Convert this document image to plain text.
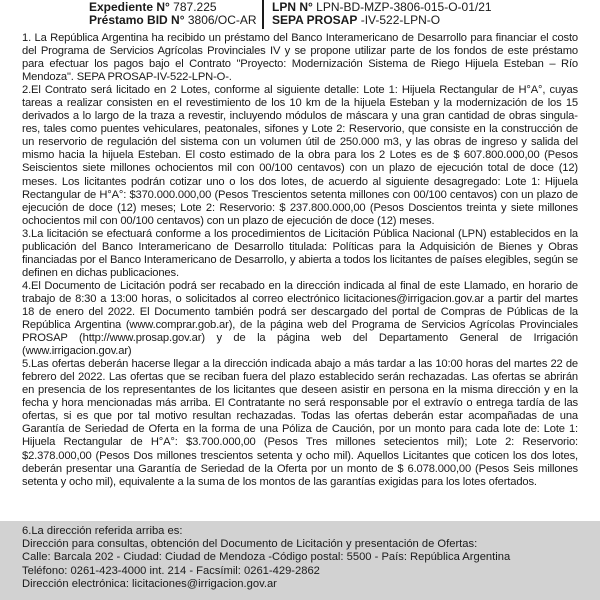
Expediente N° 787.225
Préstamo BID N° 3806/OC-AR
LPN N° LPN-BD-MZP-3806-015-O-01/21
SEPA PROSAP -IV-522-LPN-O

1. La República Argentina ha recibido un préstamo del Banco Interamericano de Desarrollo para financiar el costo del Programa de Servicios Agrícolas Provinciales IV y se propone utilizar parte de los fondos de este préstamo para efectuar los pagos bajo el Contrato "Proyecto: Modernización Sistema de Riego Hijuela Esteban – Río Mendoza". SEPA PROSAP-IV-522-LPN-O-.

2.El Contrato será licitado en 2 Lotes, conforme al siguiente detalle: Lote 1: Hijuela Rectangular de H°A°, cuyas tareas a realizar consisten en el revestimiento de los 10 km de la hijuela Esteban y la modernización de los 15 derivados a lo largo de la traza a revestir, incluyendo módulos de máscara y una gran cantidad de obras singulares, tales como puentes vehiculares, peatonales, sifones y Lote 2: Reservorio, que consiste en la construcción de un reservorio de regulación del sistema con un volumen útil de 250.000 m3, y las obras de ingreso y salida del mismo hacia la hijuela Esteban. El costo estimado de la obra para los 2 Lotes es de $ 607.800.000,00 (Pesos Seiscientos siete millones ochocientos mil con 00/100 centavos) con un plazo de ejecución total de doce (12) meses. Los licitantes podrán cotizar uno o los dos lotes, de acuerdo al siguiente desagregado: Lote 1: Hijuela Rectangular de H°A°: $370.000.000,00 (Pesos Trescientos setenta millones con 00/100 centavos) con un plazo de ejecución de doce (12) meses; Lote 2: Reservorio: $ 237.800.000,00 (Pesos Doscientos treinta y siete millones ochocientos mil con 00/100 centavos) con un plazo de ejecución de doce (12) meses.

3.La licitación se efectuará conforme a los procedimientos de Licitación Pública Nacional (LPN) establecidos en la publicación del Banco Interamericano de Desarrollo titulada: Políticas para la Adquisición de Bienes y Obras financiadas por el Banco Interamericano de Desarrollo, y abierta a todos los licitantes de países elegibles, según se definen en dichas publicaciones.

4.El Documento de Licitación podrá ser recabado en la dirección indicada al final de este Llamado, en horario de trabajo de 8:30 a 13:00 horas, o solicitados al correo electrónico licitaciones@irrigacion.gov.ar a partir del martes 18 de enero del 2022. El Documento también podrá ser descargado del portal de Compras de Públicas de la República Argentina (www.comprar.gob.ar), de la página web del Programa de Servicios Agrícolas Provinciales PROSAP (http://www.prosap.gov.ar) y de la página web del Departamento General de Irrigación (www.irrigacion.gov.ar)

5.Las ofertas deberán hacerse llegar a la dirección indicada abajo a más tardar a las 10:00 horas del martes 22 de febrero del 2022. Las ofertas que se reciban fuera del plazo establecido serán rechazadas. Las ofertas se abrirán en presencia de los representantes de los licitantes que deseen asistir en persona en la misma dirección y en la fecha y hora mencionadas más arriba. El Contratante no será responsable por el extravío o entrega tardía de las ofertas, si es que por tal motivo resultan rechazadas. Todas las ofertas deberán estar acompañadas de una Garantía de Seriedad de Oferta en la forma de una Póliza de Caución, por un monto para cada lote de: Lote 1: Hijuela Rectangular de H°A°: $3.700.000,00 (Pesos Tres millones setecientos mil); Lote 2: Reservorio: $2.378.000,00 (Pesos Dos millones trescientos setenta y ocho mil). Aquellos Licitantes que coticen los dos lotes, deberán presentar una Garantía de Seriedad de la Oferta por un monto de $ 6.078.000,00 (Pesos Seis millones setenta y ocho mil), equivalente a la suma de los montos de las garantías exigidas para los lotes ofertados.

6.La dirección referida arriba es:
Dirección para consultas, obtención del Documento de Licitación y presentación de Ofertas:
Calle: Barcala 202 - Ciudad: Ciudad de Mendoza -Código postal: 5500 - País: República Argentina
Teléfono: 0261-423-4000 int. 214 - Facsímil: 0261-429-2862
Dirección electrónica: licitaciones@irrigacion.gov.ar
